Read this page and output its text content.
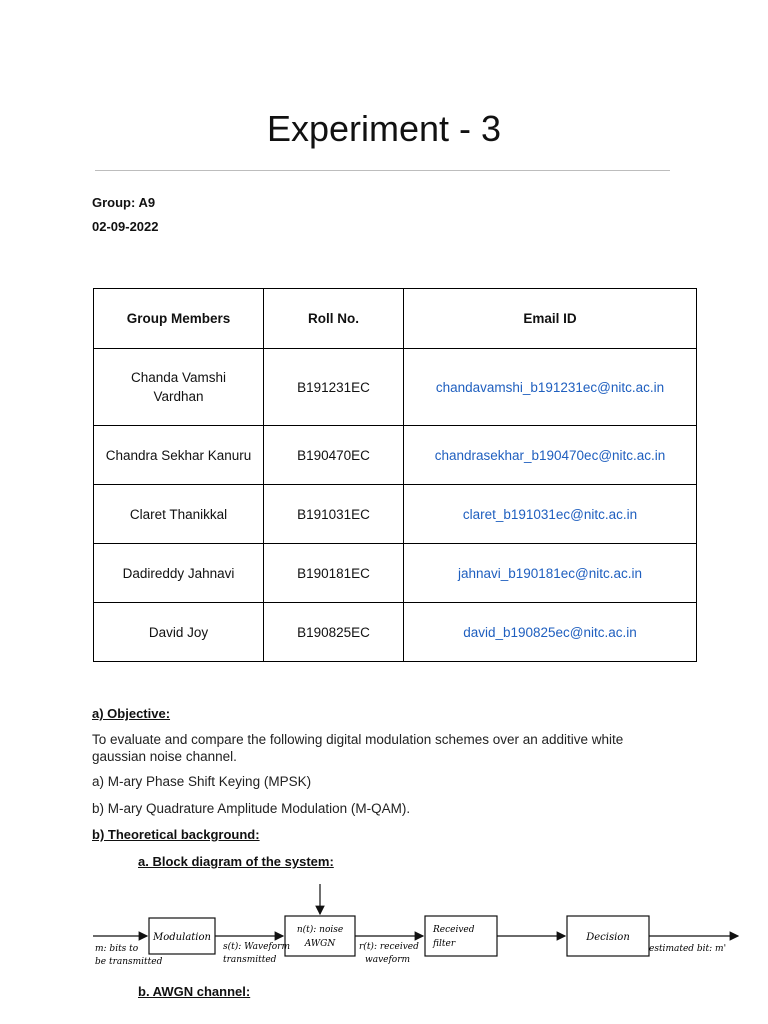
Experiment - 3
Group: A9
02-09-2022
Group Members	Roll No.	Email ID
Chanda Vamshi Vardhan	B191231EC	chandavamshi_b191231ec@nitc.ac.in
Chandra Sekhar Kanuru	B190470EC	chandrasekhar_b190470ec@nitc.ac.in
Claret Thanikkal	B191031EC	claret_b191031ec@nitc.ac.in
Dadireddy Jahnavi	B190181EC	jahnavi_b190181ec@nitc.ac.in
David Joy	B190825EC	david_b190825ec@nitc.ac.in
a) Objective:
To evaluate and compare the following digital modulation schemes over an additive white gaussian noise channel.
a) M-ary Phase Shift Keying (MPSK)
b) M-ary Quadrature Amplitude Modulation (M-QAM).
b) Theoretical background:
a. Block diagram of the system:
m: bits to
be transmitted
Modulation
s(t): Waveform
transmitted
n(t): noise
AWGN	r(t): received
waveform
Received
filter
Decision
estimated bit: m'
b. AWGN channel:
